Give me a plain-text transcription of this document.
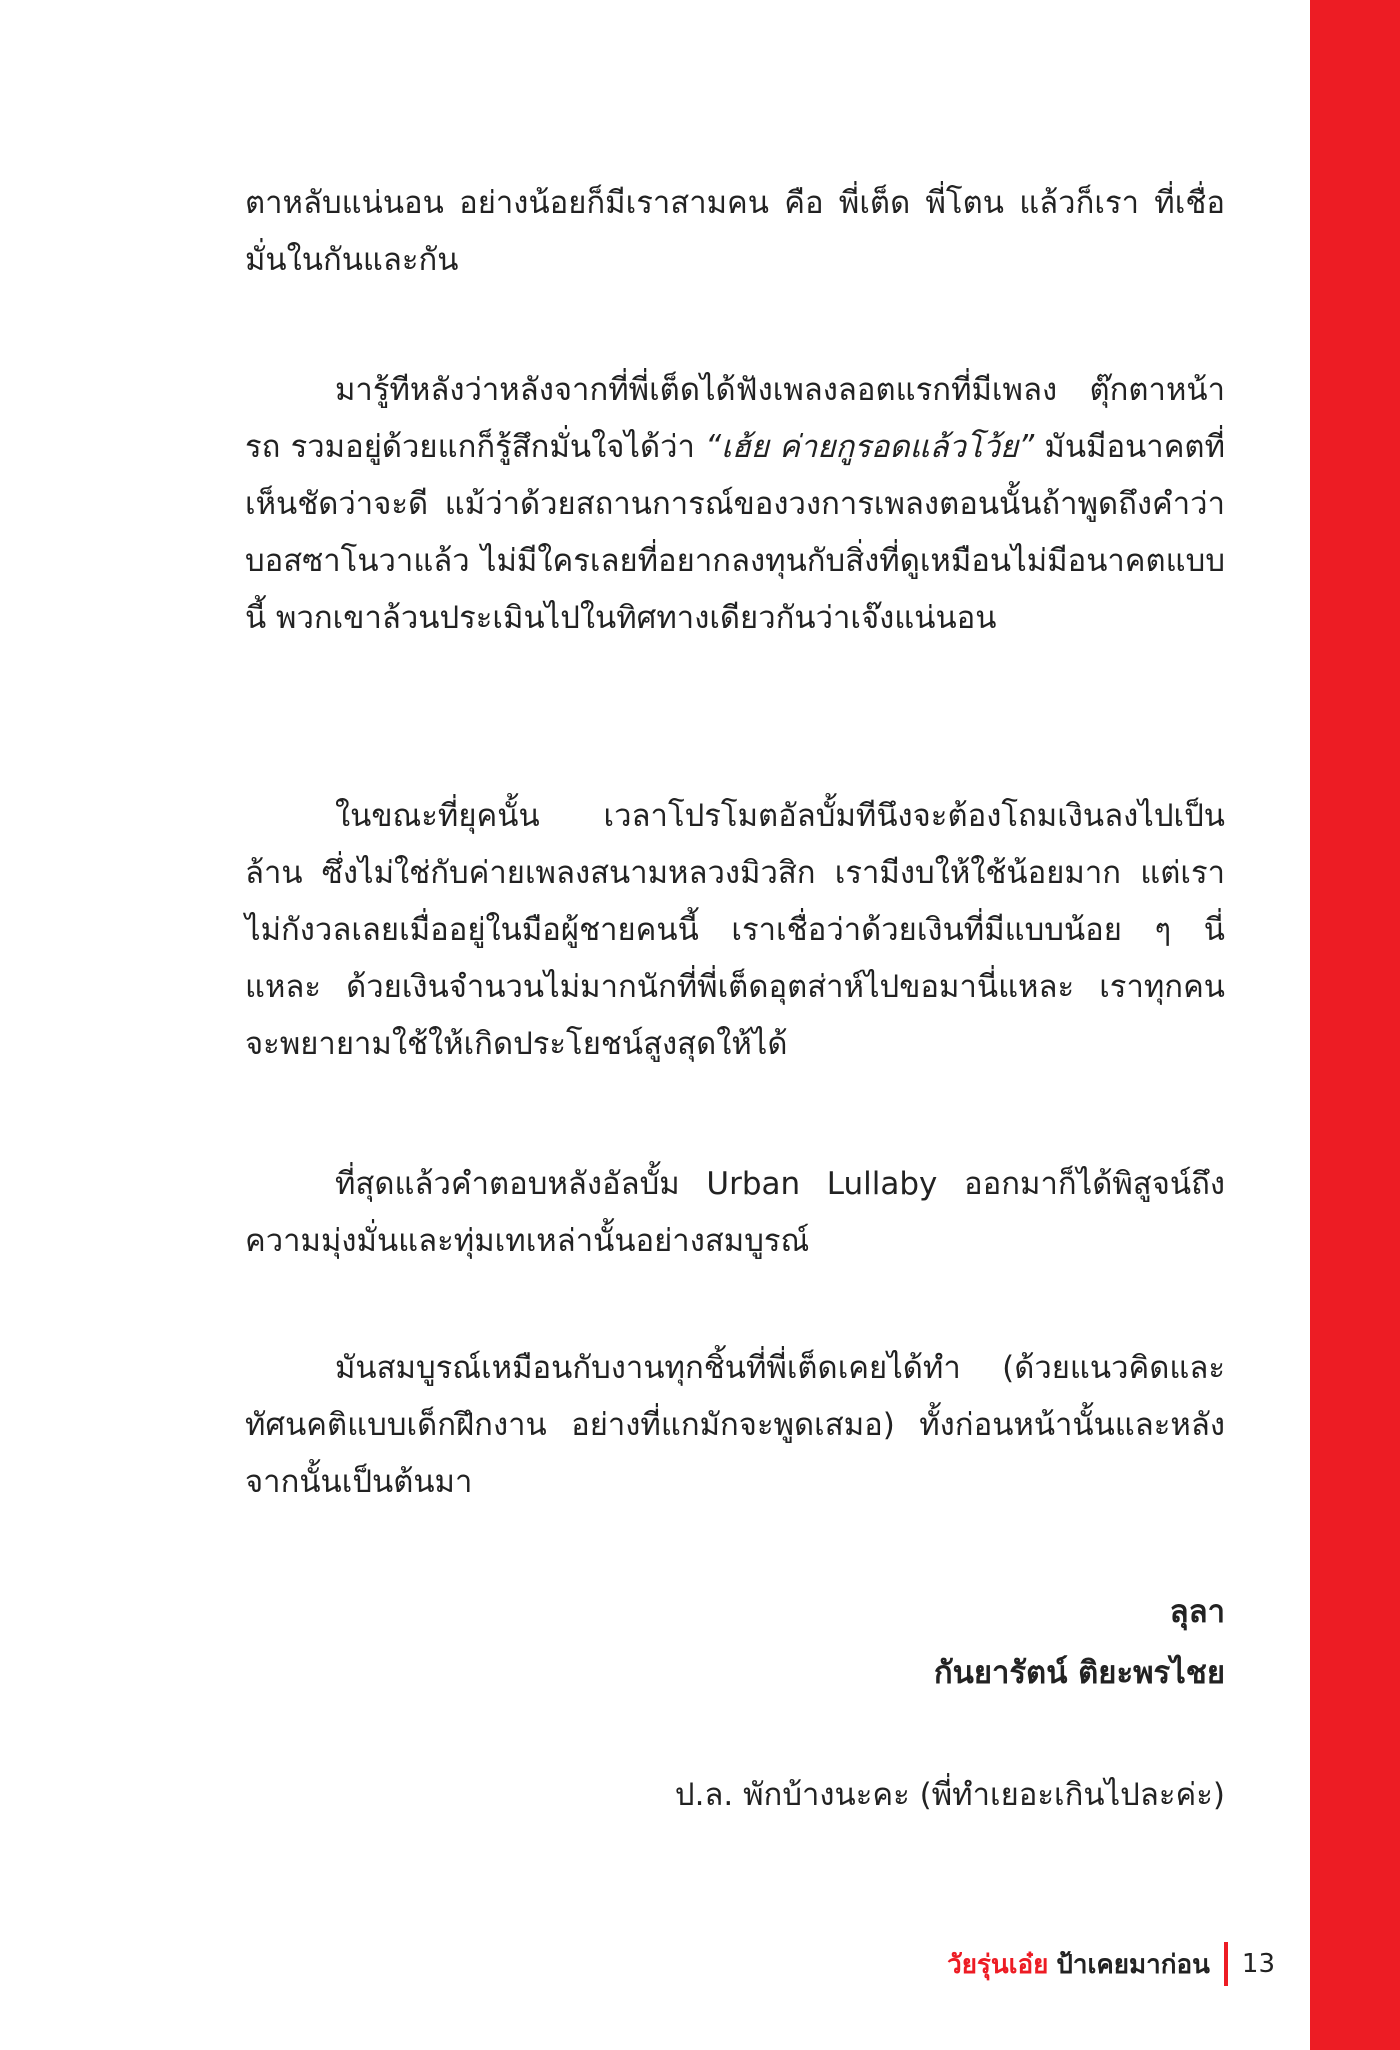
ตาหลับแน่นอน อย่างน้อยก็มีเราสามคน คือ พี่เต็ด พี่โตน แล้วก็เรา ที่เชื่อมั่นในกันและกัน

มารู้ทีหลังว่าหลังจากที่พี่เต็ดได้ฟังเพลงลอตแรกที่มีเพลง ตุ๊กตาหน้ารถ รวมอยู่ด้วยแกก็รู้สึกมั่นใจได้ว่า “เฮ้ย ค่ายกูรอดแล้วโว้ย” มันมีอนาคตที่เห็นชัดว่าจะดี แม้ว่าด้วยสถานการณ์ของวงการเพลงตอนนั้นถ้าพูดถึงคำว่าบอสซาโนวาแล้ว ไม่มีใครเลยที่อยากลงทุนกับสิ่งที่ดูเหมือนไม่มีอนาคตแบบนี้ พวกเขาล้วนประเมินไปในทิศทางเดียวกันว่าเจ๊งแน่นอน

ในขณะที่ยุคนั้น เวลาโปรโมตอัลบั้มทีนึงจะต้องโถมเงินลงไปเป็นล้าน ซึ่งไม่ใช่กับค่ายเพลงสนามหลวงมิวสิก เรามีงบให้ใช้น้อยมาก แต่เราไม่กังวลเลยเมื่ออยู่ในมือผู้ชายคนนี้ เราเชื่อว่าด้วยเงินที่มีแบบน้อย ๆ นี่แหละ ด้วยเงินจำนวนไม่มากนักที่พี่เต็ดอุตส่าห์ไปขอมานี่แหละ เราทุกคนจะพยายามใช้ให้เกิดประโยชน์สูงสุดให้ได้

ที่สุดแล้วคำตอบหลังอัลบั้ม Urban Lullaby ออกมาก็ได้พิสูจน์ถึงความมุ่งมั่นและทุ่มเทเหล่านั้นอย่างสมบูรณ์

มันสมบูรณ์เหมือนกับงานทุกชิ้นที่พี่เต็ดเคยได้ทำ (ด้วยแนวคิดและทัศนคติแบบเด็กฝึกงาน อย่างที่แกมักจะพูดเสมอ) ทั้งก่อนหน้านั้นและหลังจากนั้นเป็นต้นมา

ลุลา
กันยารัตน์ ติยะพรไชย
ป.ล. พักบ้างนะคะ (พี่ทำเยอะเกินไปละค่ะ)
วัยรุ่นเอ๋ย ป้าเคยมาก่อน 13
